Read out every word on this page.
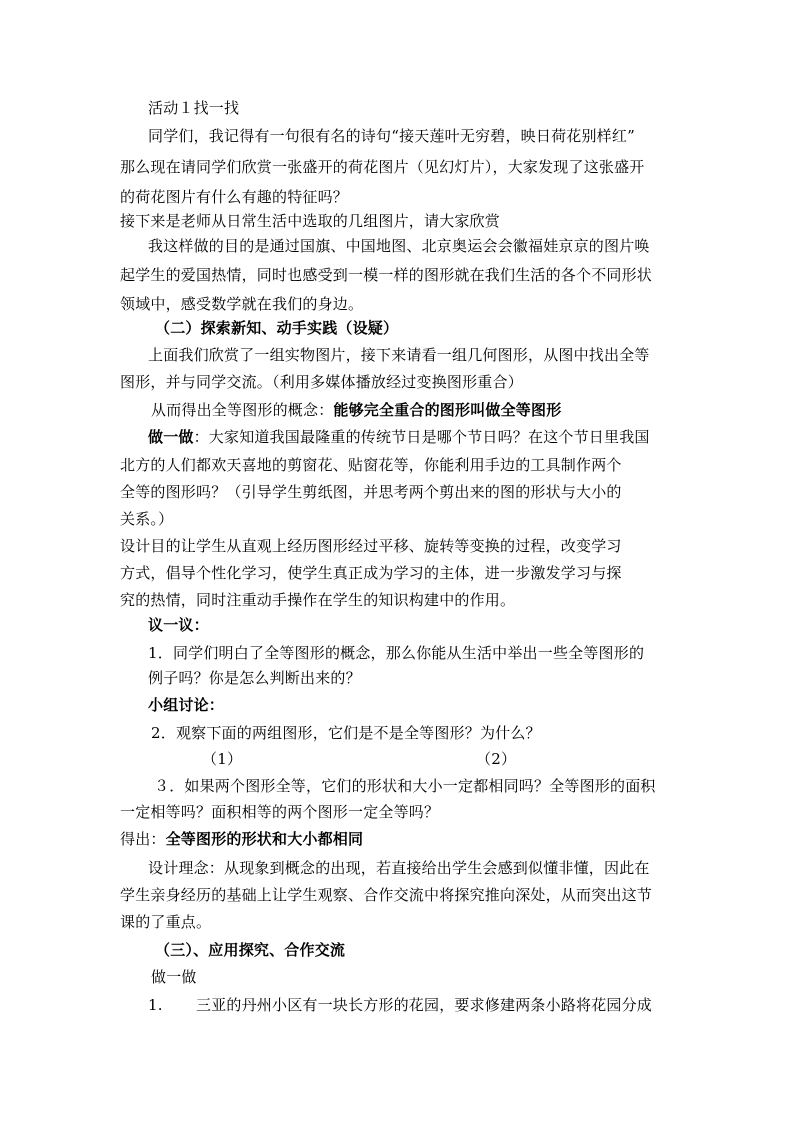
活动１找一找
同学们，我记得有一句很有名的诗句“接天莲叶无穷碧，映日荷花别样红”
那么现在请同学们欣赏一张盛开的荷花图片（见幻灯片），大家发现了这张盛开
的荷花图片有什么有趣的特征吗？
接下来是老师从日常生活中选取的几组图片，请大家欣赏
我这样做的目的是通过国旗、中国地图、北京奥运会会徽福娃京京的图片唤
起学生的爱国热情，同时也感受到一模一样的图形就在我们生活的各个不同形状
领域中，感受数学就在我们的身边。
（二）探索新知、动手实践（设疑）
上面我们欣赏了一组实物图片，接下来请看一组几何图形，从图中找出全等
图形，并与同学交流。（利用多媒体播放经过变换图形重合）
从而得出全等图形的概念：能够完全重合的图形叫做全等图形
做一做：大家知道我国最隆重的传统节日是哪个节日吗？在这个节日里我国
北方的人们都欢天喜地的剪窗花、贴窗花等，你能利用手边的工具制作两个
全等的图形吗？（引导学生剪纸图，并思考两个剪出来的图的形状与大小的
关系。）
设计目的让学生从直观上经历图形经过平移、旋转等变换的过程，改变学习
方式，倡导个性化学习，使学生真正成为学习的主体，进一步激发学习与探
究的热情，同时注重动手操作在学生的知识构建中的作用。
议一议：
1．同学们明白了全等图形的概念，那么你能从生活中举出一些全等图形的
例子吗？你是怎么判断出来的？
小组讨论：
2．观察下面的两组图形，它们是不是全等图形？为什么？
（1）	（2）
３．如果两个图形全等，它们的形状和大小一定都相同吗？全等图形的面积
一定相等吗？面积相等的两个图形一定全等吗？
得出：全等图形的形状和大小都相同
设计理念：从现象到概念的出现，若直接给出学生会感到似懂非懂，因此在
学生亲身经历的基础上让学生观察、合作交流中将探究推向深处，从而突出这节
课的了重点。
（三）、应用探究、合作交流
做一做
1. 三亚的丹州小区有一块长方形的花园，要求修建两条小路将花园分成
